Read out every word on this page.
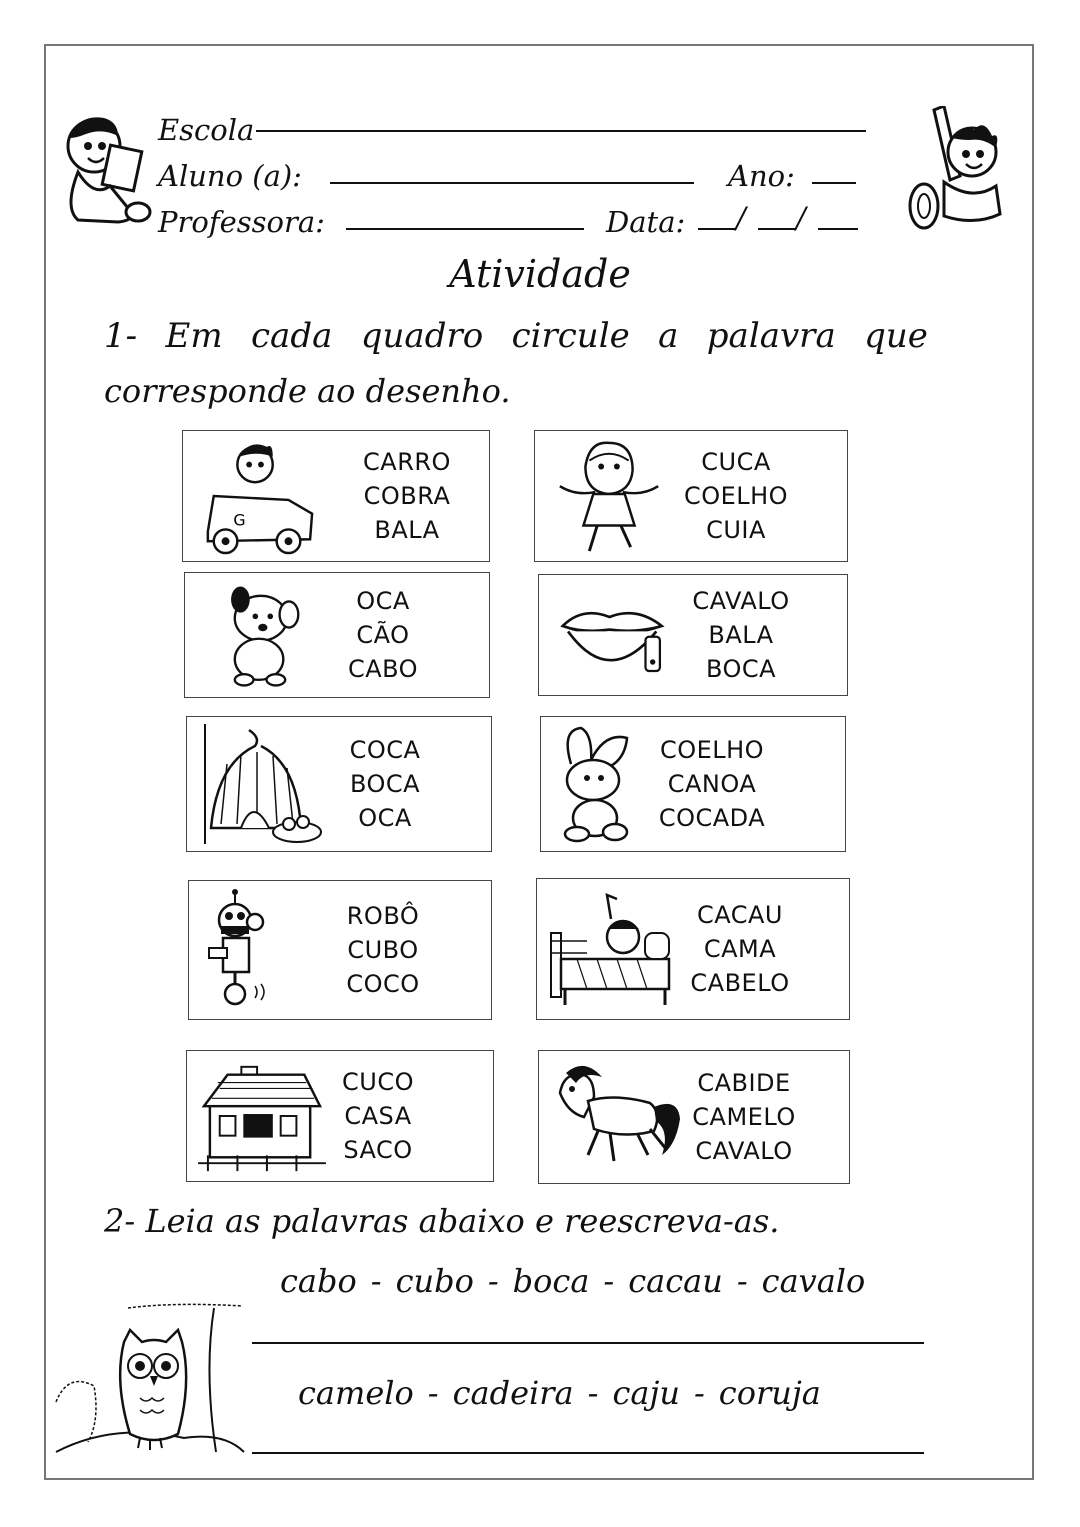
Escola
Aluno (a):	Ano:
Professora:	Data: / /
Atividade
1- Em cada quadro circule a palavra que
corresponde ao desenho.
G
CARRO
COBRA
BALA
CUCA
COELHO
CUIA
OCA
CÃO
CABO
CAVALO
BALA
BOCA
COCA
BOCA
OCA
COELHO
CANOA
COCADA
ROBÔ
CUBO
COCO
CACAU
CAMA
CABELO
CUCO
CASA
SACO
CABIDE
CAMELO
CAVALO
2- Leia as palavras abaixo e reescreva-as.
cabo - cubo - boca - cacau - cavalo
camelo - cadeira - caju - coruja
